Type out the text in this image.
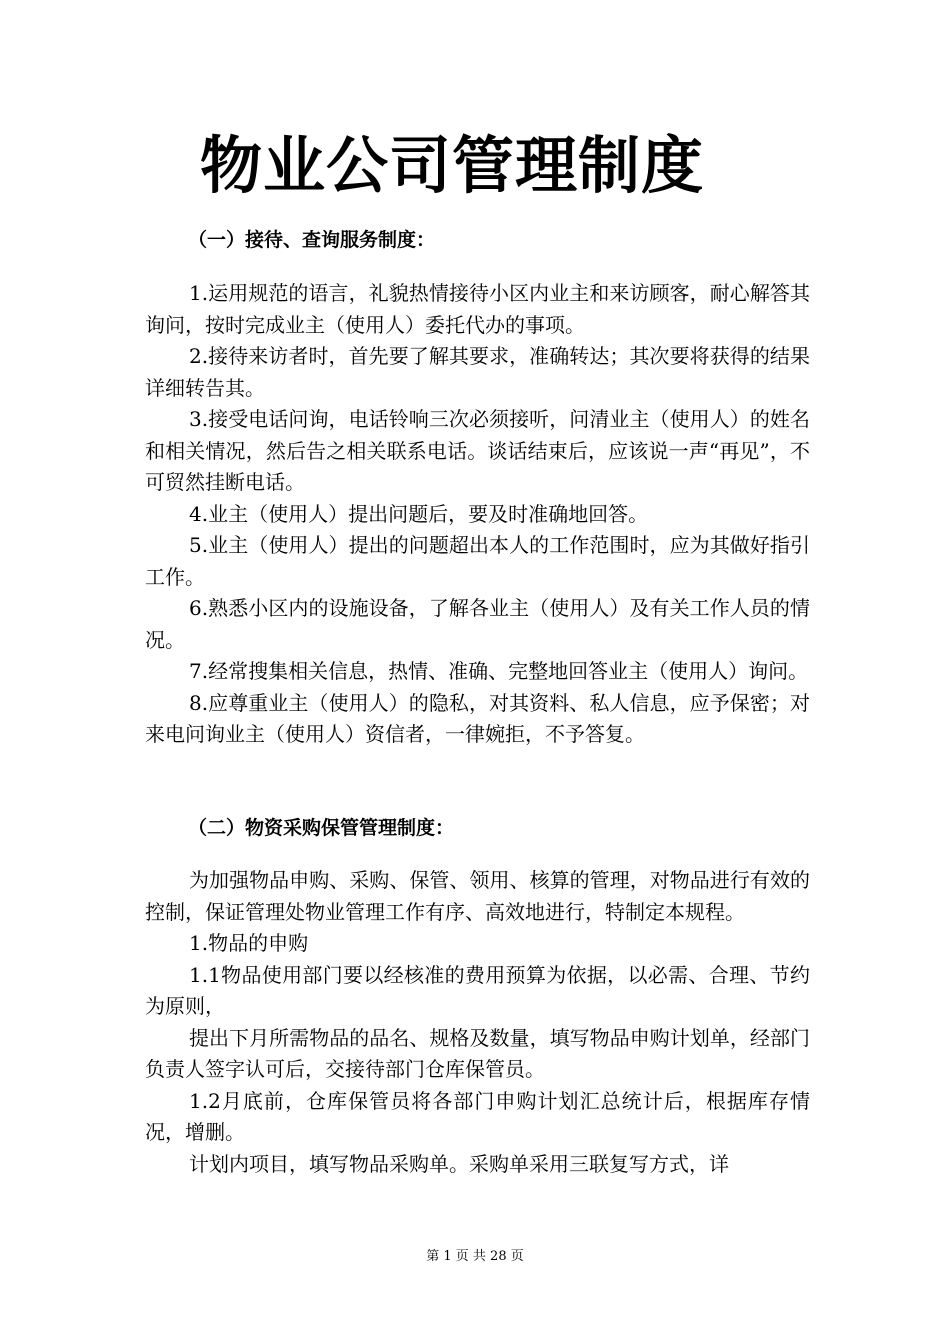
物业公司管理制度
（一）接待、查询服务制度：

1.运用规范的语言，礼貌热情接待小区内业主和来访顾客，耐心解答其询问，按时完成业主（使用人）委托代办的事项。

2.接待来访者时，首先要了解其要求，准确转达；其次要将获得的结果详细转告其。

3.接受电话问询，电话铃响三次必须接听，问清业主（使用人）的姓名和相关情况，然后告之相关联系电话。谈话结束后，应该说一声“再见”，不可贸然挂断电话。

4.业主（使用人）提出问题后，要及时准确地回答。

5.业主（使用人）提出的问题超出本人的工作范围时，应为其做好指引工作。

6.熟悉小区内的设施设备，了解各业主（使用人）及有关工作人员的情况。

7.经常搜集相关信息，热情、准确、完整地回答业主（使用人）询问。

8.应尊重业主（使用人）的隐私，对其资料、私人信息，应予保密；对来电问询业主（使用人）资信者，一律婉拒，不予答复。

（二）物资采购保管管理制度：

为加强物品申购、采购、保管、领用、核算的管理，对物品进行有效的控制，保证管理处物业管理工作有序、高效地进行，特制定本规程。

1.物品的申购

1.1物品使用部门要以经核准的费用预算为依据，以必需、合理、节约为原则，

提出下月所需物品的品名、规格及数量，填写物品申购计划单，经部门负责人签字认可后，交接待部门仓库保管员。

1.2月底前，仓库保管员将各部门申购计划汇总统计后，根据库存情况，增删。

计划内项目，填写物品采购单。采购单采用三联复写方式，详

第 1 页 共 28 页
